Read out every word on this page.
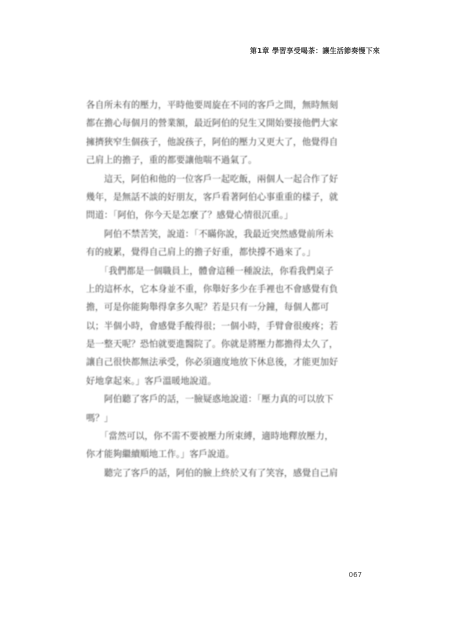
第1章 學習享受喝茶：讓生活節奏慢下來
各自所未有的壓力，平時他要周旋在不同的客戶之間，無時無刻
都在擔心每個月的營業額，最近阿伯的兒生又開始要接他們大家
擁擠狹窄生個孩子，他說孩子，阿伯的壓力又更大了，他覺得自
己肩上的擔子，重的都要讓他喘不過氣了。
　　這天，阿伯和他的一位客戶一起吃飯，兩個人一起合作了好
幾年，是無話不談的好朋友，客戶看著阿伯心事重重的樣子，就
問道：「阿伯，你今天是怎麼了？感覺心情很沉重。」
　　阿伯不禁苦笑，說道：「不瞞你說，我最近突然感覺前所未
有的疲累，覺得自己肩上的擔子好重，都快撐不過來了。」
　　「我們都是一個職員上，體會這種一種說法，你看我們桌子
上的這杯水，它本身並不重，你舉好多少在手裡也不會感覺有負
擔，可是你能夠舉得拿多久呢？若是只有一分鐘，每個人都可
以；半個小時，會感覺手酸得很；一個小時，手臂會很痠疼；若
是一整天呢？恐怕就要進醫院了。你就是將壓力都擔得太久了，
讓自己很快都無法承受，你必須適度地放下休息後，才能更加好
好地拿起來。」客戶溫暖地說道。
　　阿伯聽了客戶的話，一臉疑惑地說道：「壓力真的可以放下
嗎？」
　　「當然可以，你不需不要被壓力所束縛，適時地釋放壓力，
你才能夠繼續順地工作。」客戶說道。
　　聽完了客戶的話，阿伯的臉上終於又有了笑容，感覺自己肩
067
